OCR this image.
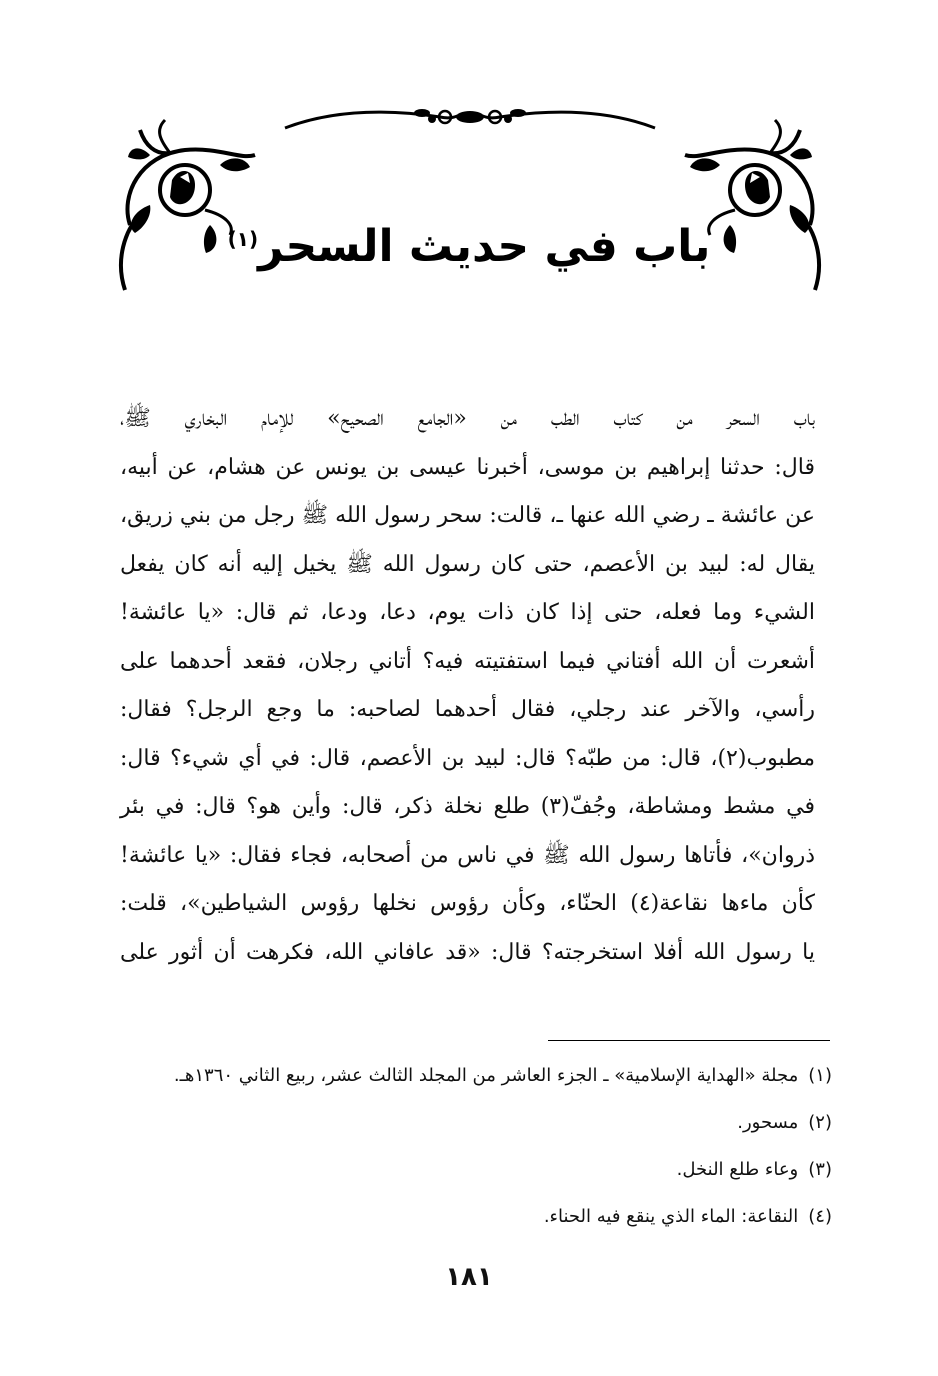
باب في حديث السحر$^{(١)}$
باب السحر من كتاب الطب من «الجامع الصحيح» للإمام البخاري ﷺ،
قال: حدثنا إبراهيم بن موسى، أخبرنا عيسى بن يونس عن هشام، عن أبيه،
عن عائشة ـ رضي الله عنها ـ، قالت: سحر رسول الله ﷺ رجل من بني زريق،
يقال له: لبيد بن الأعصم، حتى كان رسول الله ﷺ يخيل إليه أنه كان يفعل
الشيء وما فعله، حتى إذا كان ذات يوم، دعا، ودعا، ثم قال: «يا عائشة!
أشعرت أن الله أفتاني فيما استفتيته فيه؟ أتاني رجلان، فقعد أحدهما على
رأسي، والآخر عند رجلي، فقال أحدهما لصاحبه: ما وجع الرجل؟ فقال:
مطبوب(٢)، قال: من طبّه؟ قال: لبيد بن الأعصم، قال: في أي شيء؟ قال:
في مشط ومشاطة، وجُفّ(٣) طلع نخلة ذكر، قال: وأين هو؟ قال: في بئر
ذروان»، فأتاها رسول الله ﷺ في ناس من أصحابه، فجاء فقال: «يا عائشة!
كأن ماءها نقاعة(٤) الحنّاء، وكأن رؤوس نخلها رؤوس الشياطين»، قلت:
يا رسول الله أفلا استخرجته؟ قال: «قد عافاني الله، فكرهت أن أثور على
(١)مجلة «الهداية الإسلامية» ـ الجزء العاشر من المجلد الثالث عشر، ربيع الثاني ١٣٦٠هـ.
(٢)مسحور.
(٣)وعاء طلع النخل.
(٤)النقاعة: الماء الذي ينقع فيه الحناء.
١٨١
